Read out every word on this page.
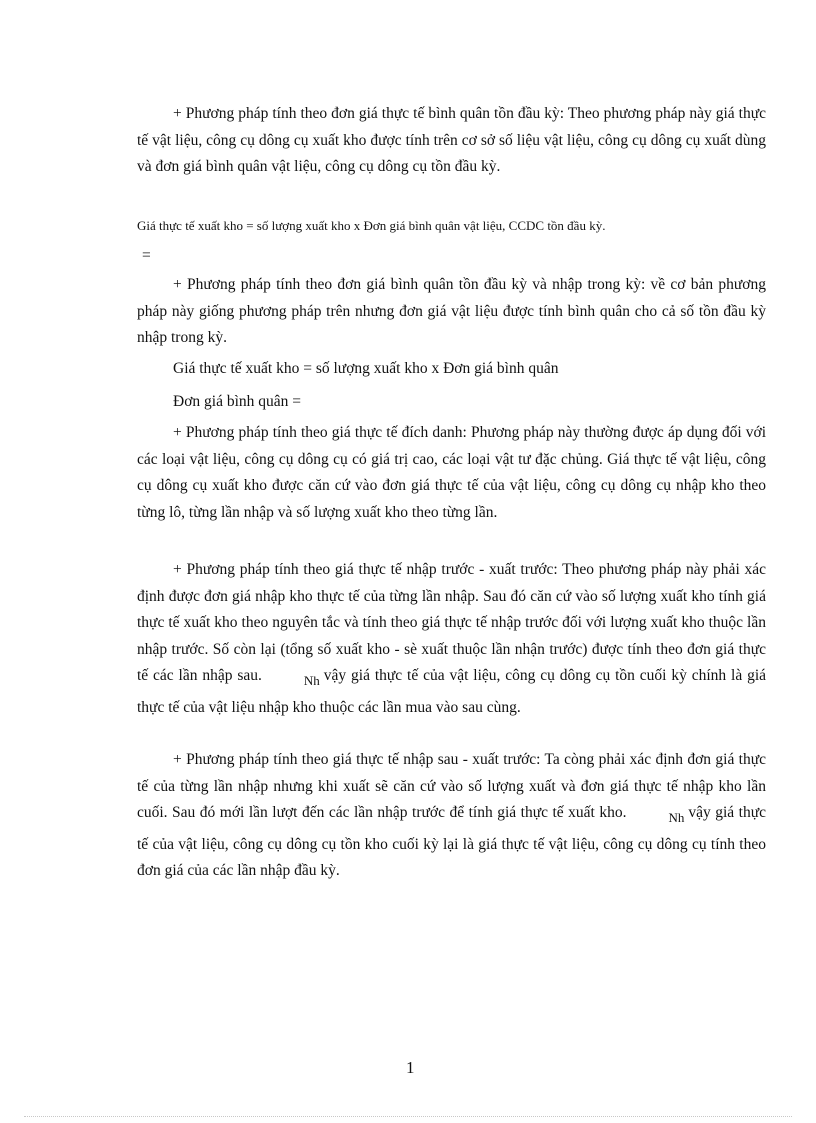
+ Phương pháp tính theo đơn giá thực tế bình quân tồn đầu kỳ: Theo phương pháp này giá thực tế vật liệu, công cụ dông cụ xuất kho được tính trên cơ sở số liệu vật liệu, công cụ dông cụ xuất dùng và đơn giá bình quân vật liệu, công cụ dông cụ tồn đầu kỳ.

Giá thực tế xuất kho = số lượng xuất kho x Đơn giá bình quân vật liệu, CCDC tồn đầu kỳ.

=

+ Phương pháp tính theo đơn giá bình quân tồn đầu kỳ và nhập trong kỳ: về cơ bản phương pháp này giống phương pháp trên nhưng đơn giá vật liệu được tính bình quân cho cả số tồn đầu kỳ nhập trong kỳ.

Giá thực tế xuất kho = số lượng xuất kho x Đơn giá bình quân

Đơn giá bình quân =

+ Phương pháp tính theo giá thực tế đích danh: Phương pháp này thường được áp dụng đối với các loại vật liệu, công cụ dông cụ có giá trị cao, các loại vật tư đặc chủng. Giá thực tế vật liệu, công cụ dông cụ xuất kho được căn cứ vào đơn giá thực tế của vật liệu, công cụ dông cụ nhập kho theo từng lô, từng lần nhập và số lượng xuất kho theo từng lần.

+ Phương pháp tính theo giá thực tế nhập trước - xuất trước: Theo phương pháp này phải xác định được đơn giá nhập kho thực tế của từng lần nhập. Sau đó căn cứ vào số lượng xuất kho tính giá thực tế xuất kho theo nguyên tắc và tính theo giá thực tế nhập trước đối với lượng xuất kho thuộc lần nhập trước. Số còn lại (tổng số xuất kho - sè xuất thuộc lần nhận trước) được tính theo đơn giá thực tế các lần nhập sau.	Nh vậy giá thực tế của vật liệu, công cụ dông cụ tồn cuối kỳ chính là giá thực tế của vật liệu nhập kho thuộc các lần mua vào sau cùng.

+ Phương pháp tính theo giá thực tế nhập sau - xuất trước: Ta còng phải xác định đơn giá thực tế của từng lần nhập nhưng khi xuất sẽ căn cứ vào số lượng xuất và đơn giá thực tế nhập kho lần cuối. Sau đó mới lần lượt đến các lần nhập trước để tính giá thực tế xuất kho.	Nh vậy giá thực tế của vật liệu, công cụ dông cụ tồn kho cuối kỳ lại là giá thực tế vật liệu, công cụ dông cụ tính theo đơn giá của các lần nhập đầu kỳ.

1
